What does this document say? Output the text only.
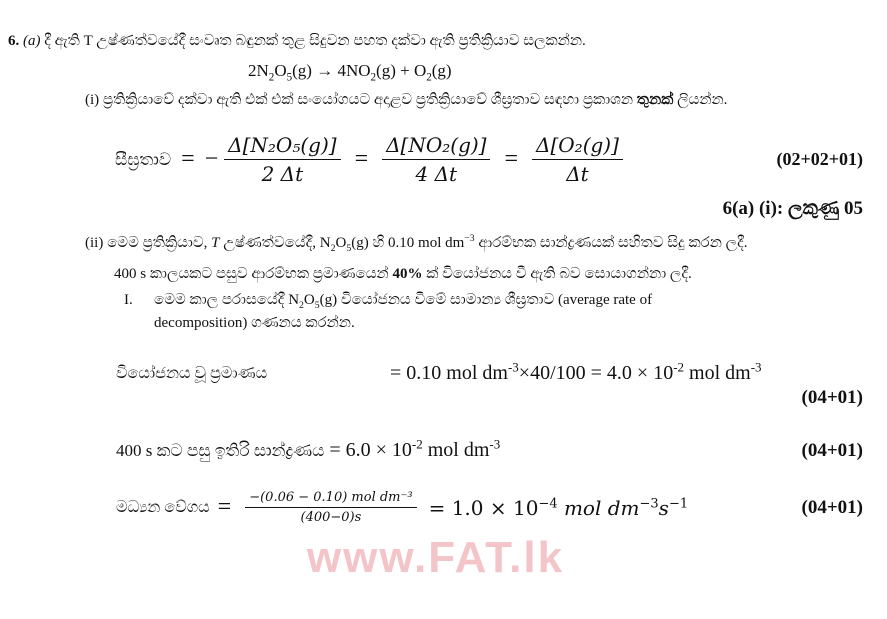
6. (a) දී ඇති T උෂ්ණත්වයේදී සංවෘත බඳුනක් තුළ සිදුවන පහත දක්වා ඇති ප්‍රතික්‍රියාව සලකන්න.
$2N_2O_5(g) \to 4NO_2(g) + O_2(g)$
(i) ප්‍රතික්‍රියාවේ දක්වා ඇති එක් එක් සංයෝගයට අදාළව ප්‍රතික්‍රියාවේ ශීඝ්‍රතාව සඳහා ප්‍රකාශන තුනක් ලියන්න.
සීඝ්‍රතාව = − $\frac{\text{Δ[N₂O₅(g)]}}{2 \Delta t} = \frac{\text{Δ[NO₂(g)]}}{4 \Delta t} = \frac{\text{Δ[O₂(g)]}}{\Delta t}$	(02+02+01)
6(a) (i): ලකුණු 05
(ii) මෙම ප්‍රතික්‍රියාව, T උෂ්ණත්වයේදී, $N_2O_5(g)$ හි 0.10 mol $dm^{-3}$ ආරම්භක සාන්ද්‍රණයක් සහිතව සිදු කරන ලදී.
400 s කාලයකට පසුව ආරම්භක ප්‍රමාණයෙන් 40% ක් වියෝජනය වී ඇති බව සොයාගන්නා ලදී.
I.	මෙම කාල පරාසයේදී $N_2O_5(g)$ වියෝජනය වීමේ සාමාන්‍ය ශීඝ්‍රතාව (average rate of
decomposition) ගණනය කරන්න.
වියෝජනය වූ ප්‍රමාණය	= 0.10 mol $dm^{-3}\times 40/100 = 4.0 \times 10^{-2}$ mol $dm^{-3}$
(04+01)
400 s කට පසු ඉතිරි සාන්ද්‍රණය = $6.0 \times 10^{-2}$ mol $dm^{-3}$	(04+01)
මධ්‍යන වේගය = $\frac{\text{−(0.06 − 0.10) mol dm⁻³}}{(400-0)s} = 1.0 \times 10^{-4}$ mol $dm^{-3}s^{-1}$	(04+01)
www.FAT.lk
